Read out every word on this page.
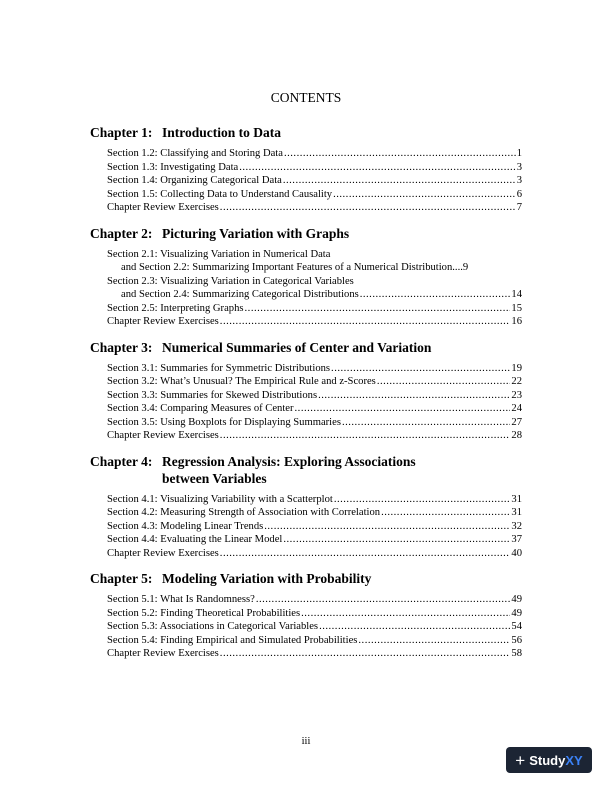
CONTENTS
Chapter 1: Introduction to Data
Section 1.2: Classifying and Storing Data .....	1
Section 1.3: Investigating Data .....	3
Section 1.4: Organizing Categorical Data .....	3
Section 1.5: Collecting Data to Understand Causality .....	6
Chapter Review Exercises .....	7
Chapter 2: Picturing Variation with Graphs
Section 2.1: Visualizing Variation in Numerical Data
and Section 2.2: Summarizing Important Features of a Numerical Distribution .... 9
Section 2.3: Visualizing Variation in Categorical Variables
and Section 2.4: Summarizing Categorical Distributions .....	14
Section 2.5: Interpreting Graphs .....	15
Chapter Review Exercises .....	16
Chapter 3: Numerical Summaries of Center and Variation
Section 3.1: Summaries for Symmetric Distributions .....	19
Section 3.2: What’s Unusual? The Empirical Rule and z-Scores .....	22
Section 3.3: Summaries for Skewed Distributions .....	23
Section 3.4: Comparing Measures of Center .....	24
Section 3.5: Using Boxplots for Displaying Summaries .....	27
Chapter Review Exercises .....	28
Chapter 4: Regression Analysis: Exploring Associations
between Variables
Section 4.1: Visualizing Variability with a Scatterplot .....	31
Section 4.2: Measuring Strength of Association with Correlation .....	31
Section 4.3: Modeling Linear Trends .....	32
Section 4.4: Evaluating the Linear Model .....	37
Chapter Review Exercises .....	40
Chapter 5: Modeling Variation with Probability
Section 5.1: What Is Randomness? .....	49
Section 5.2: Finding Theoretical Probabilities .....	49
Section 5.3: Associations in Categorical Variables .....	54
Section 5.4: Finding Empirical and Simulated Probabilities .....	56
Chapter Review Exercises .....	58
iii
+ Study XY
